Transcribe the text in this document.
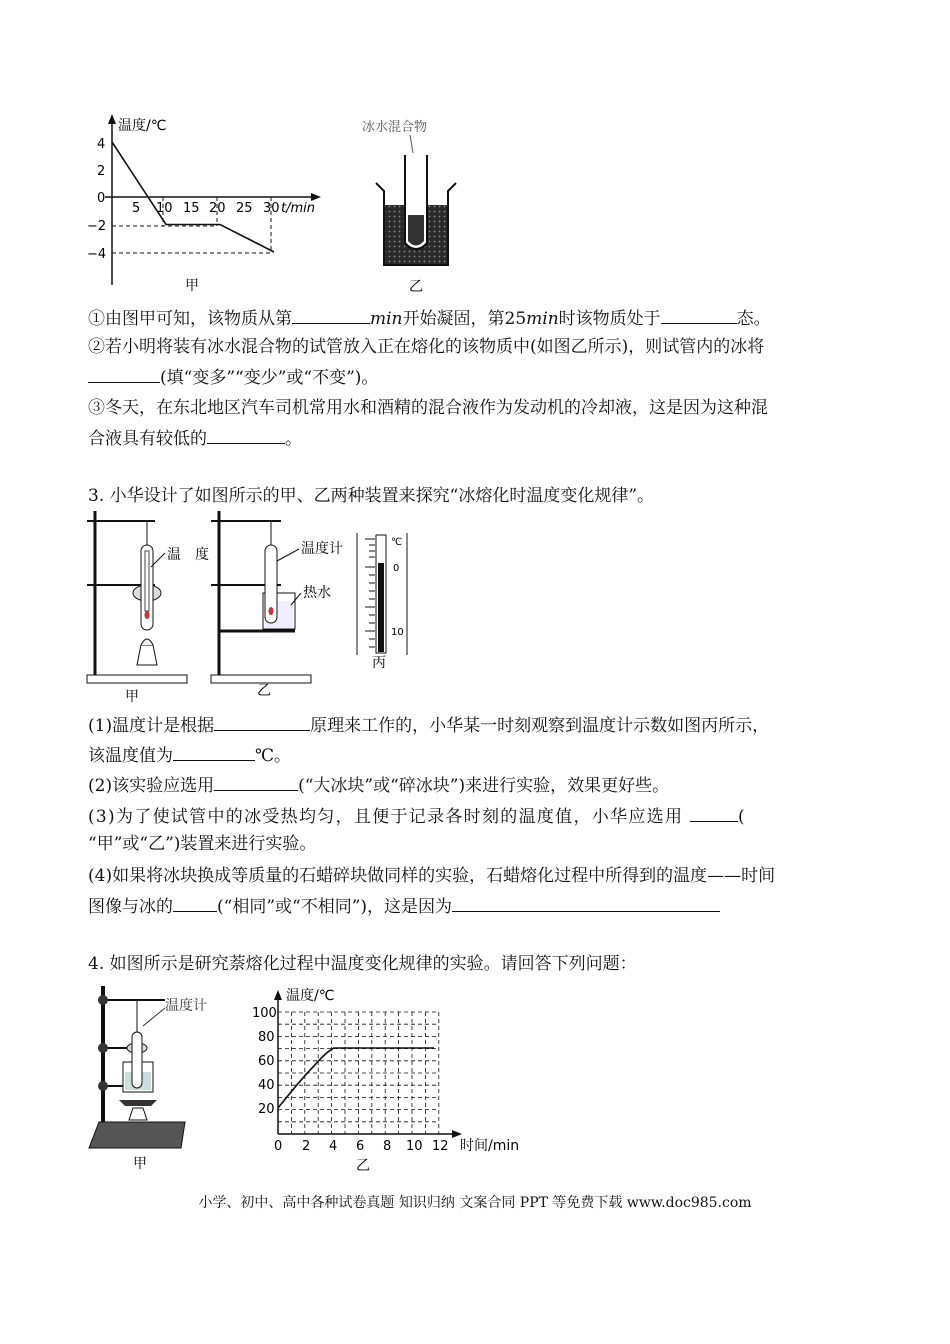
温度/℃
t/min
4
2
0
−2
−4
5 10 15 20 25 30
甲
冰水混合物
乙
①由图甲可知，该物质从第	min开始凝固，第25min时该物质处于	态。
②若小明将装有冰水混合物的试管放入正在熔化的该物质中(如图乙所示)，则试管内的冰将
(填“变多”“变少”或“不变”)。
③冬天，在东北地区汽车司机常用水和酒精的混合液作为发动机的冷却液，这是因为这种混
合液具有较低的	。
3. 小华设计了如图所示的甲、乙两种装置来探究“冰熔化时温度变化规律”。
温　度
甲
温度计
热水
乙
℃
0
10
丙
(1)温度计是根据	原理来工作的，小华某一时刻观察到温度计示数如图丙所示，
该温度值为	℃。
(2)该实验应选用	(“大冰块”或“碎冰块”)来进行实验，效果更好些。
(3)为了使试管中的冰受热均匀，且便于记录各时刻的温度值，小华应选用	(
“甲”或“乙”)装置来进行实验。
(4)如果将冰块换成等质量的石蜡碎块做同样的实验，石蜡熔化过程中所得到的温度——时间
图像与冰的	(“相同”或“不相同”)，这是因为
4. 如图所示是研究萘熔化过程中温度变化规律的实验。请回答下列问题：
温度计
甲
温度/℃
100
80
60
40
20
0 2 4 6 8 10 12 时间/min
乙
小学、初中、高中各种试卷真题 知识归纳 文案合同 PPT 等免费下载 www.doc985.com
